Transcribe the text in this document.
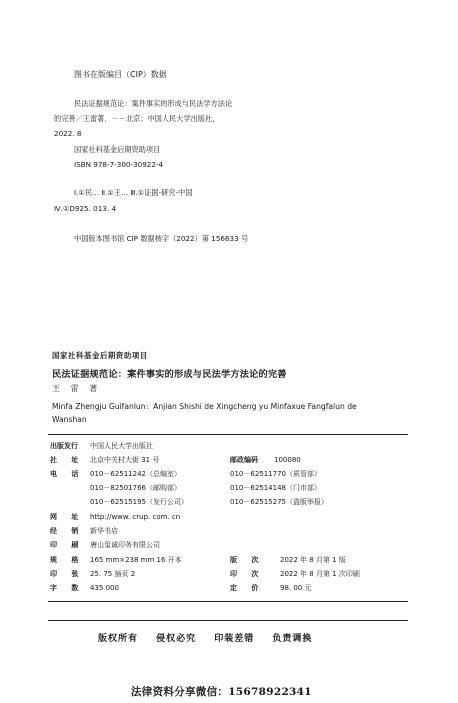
图书在版编目（CIP）数据
民法证据规范论：案件事实的形成与民法学方法论
的完善／王雷著．－－北京：中国人民大学出版社，
2022. 8
国家社科基金后期资助项目
ISBN 978-7-300-30922-4
Ⅰ.①民… Ⅱ.①王… Ⅲ.①证据-研究-中国
Ⅳ.①D925. 013. 4
中国版本图书馆 CIP 数据核字（2022）第 156633 号
国家社科基金后期资助项目
民法证据规范论：案件事实的形成与民法学方法论的完善
王 雷 著
Minfa Zhengju Guifanlun：Anjian Shishi de Xingcheng yu Minfaxue Fangfalun de
Wanshan
出版发行 中国人民大学出版社
社 址 北京中关村大街 31 号	邮政编码 100080
电 话 010－62511242（总编室）	010－62511770（质管部）
010－82501766（邮购部）	010－62514148（门市部）
010－62515195（发行公司）	010－62515275（盗版举报）
网 址 http://www. crup. com. cn
经 销 新华书店
印 刷 唐山玺诚印务有限公司
规 格 165 mm×238 mm 16 开本	版 次 2022 年 8 月第 1 版
印 张 25. 75 插页 2	印 次 2022 年 8 月第 1 次印刷
字 数 435 000	定 价 98. 00 元
版权所有 侵权必究 印装差错 负责调换
法律资料分享微信：15678922341
